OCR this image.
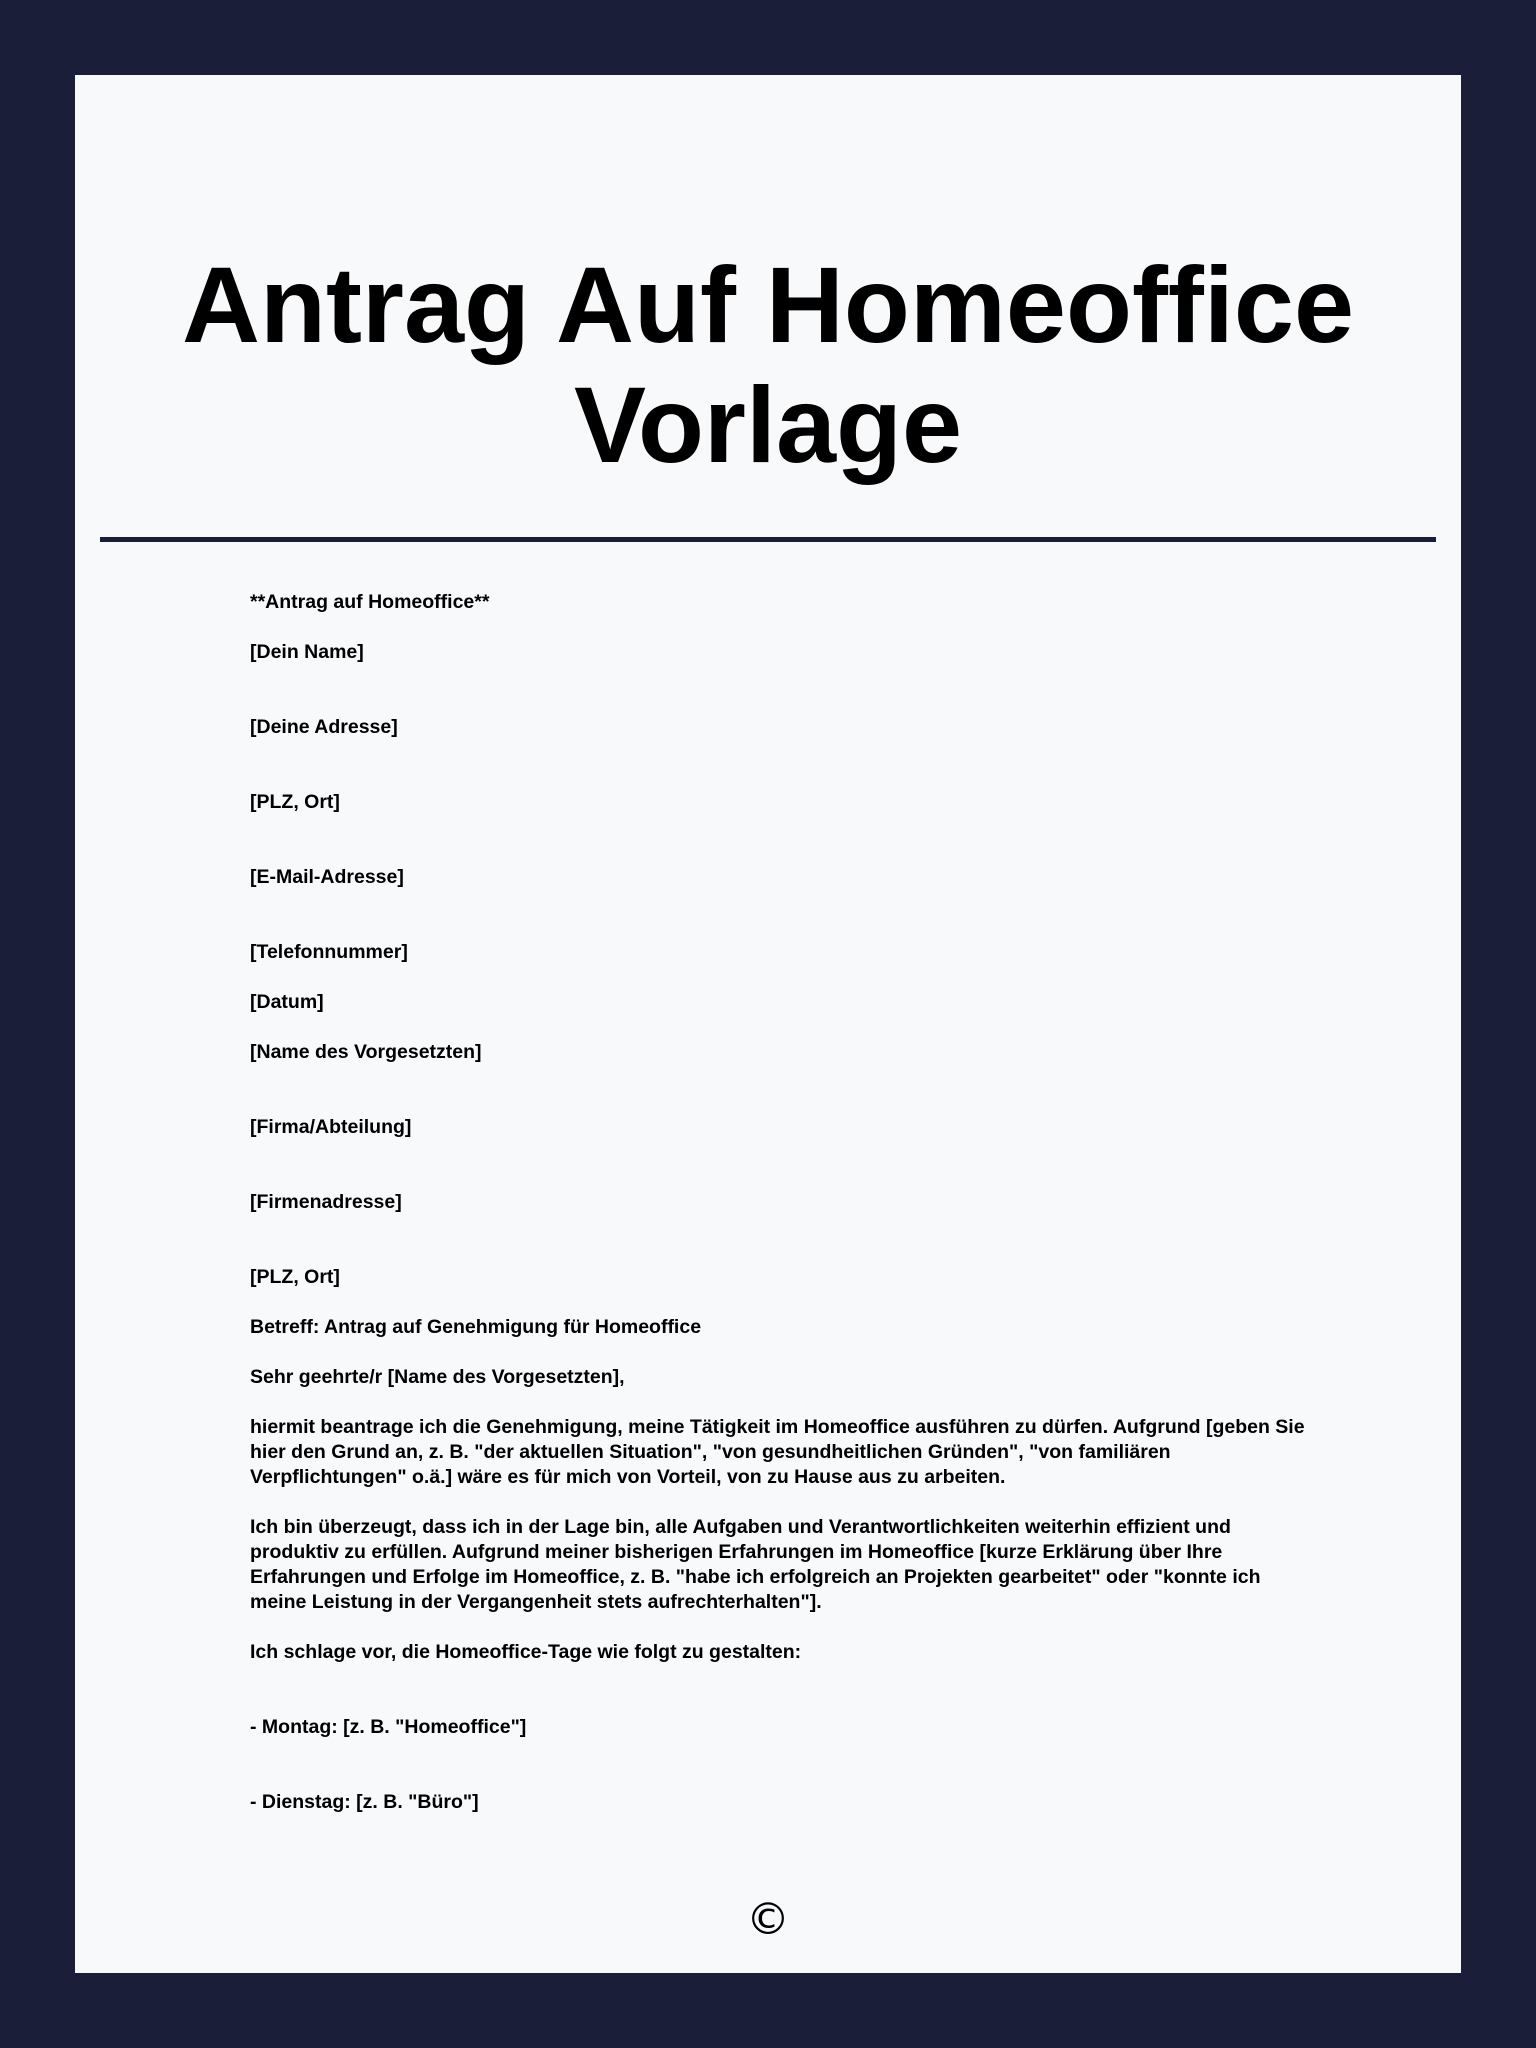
Antrag Auf Homeoffice Vorlage

**Antrag auf Homeoffice**

[Dein Name]

[Deine Adresse]

[PLZ, Ort]

[E-Mail-Adresse]

[Telefonnummer]

[Datum]

[Name des Vorgesetzten]

[Firma/Abteilung]

[Firmenadresse]

[PLZ, Ort]

Betreff: Antrag auf Genehmigung für Homeoffice

Sehr geehrte/r [Name des Vorgesetzten],

hiermit beantrage ich die Genehmigung, meine Tätigkeit im Homeoffice ausführen zu dürfen. Aufgrund [geben Sie hier den Grund an, z. B. "der aktuellen Situation", "von gesundheitlichen Gründen", "von familiären Verpflichtungen" o.ä.] wäre es für mich von Vorteil, von zu Hause aus zu arbeiten.

Ich bin überzeugt, dass ich in der Lage bin, alle Aufgaben und Verantwortlichkeiten weiterhin effizient und produktiv zu erfüllen. Aufgrund meiner bisherigen Erfahrungen im Homeoffice [kurze Erklärung über Ihre Erfahrungen und Erfolge im Homeoffice, z. B. "habe ich erfolgreich an Projekten gearbeitet" oder "konnte ich meine Leistung in der Vergangenheit stets aufrechterhalten"].

Ich schlage vor, die Homeoffice-Tage wie folgt zu gestalten:

- Montag: [z. B. "Homeoffice"]

- Dienstag: [z. B. "Büro"]

©
